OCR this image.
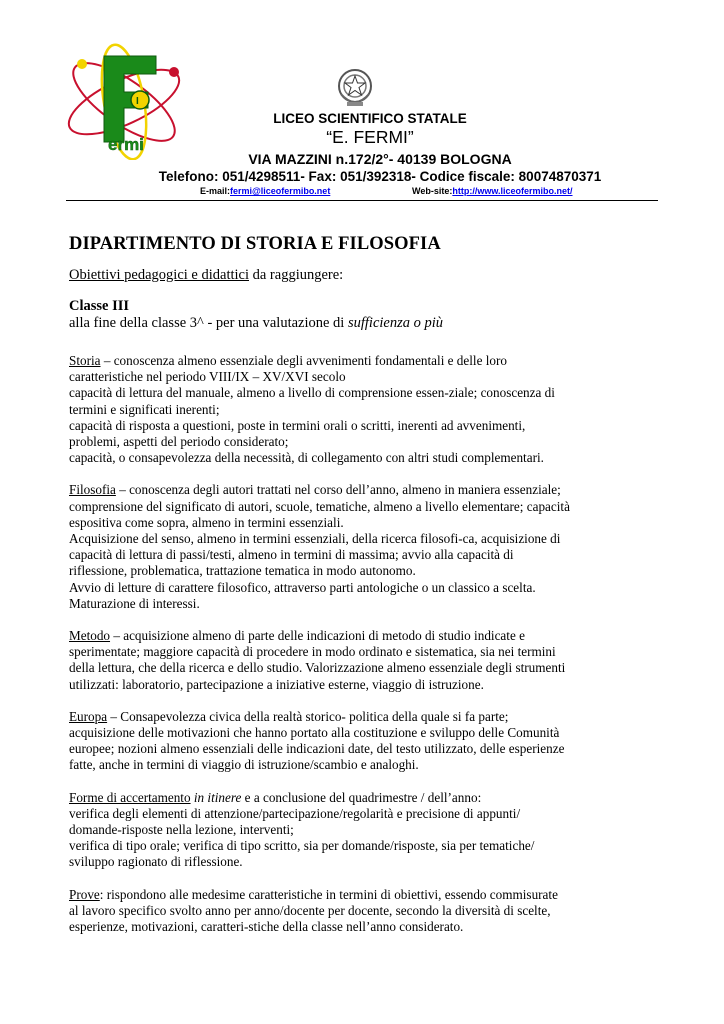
I
ermi
LICEO SCIENTIFICO STATALE
“E. FERMI”
VIA MAZZINI n.172/2°- 40139 BOLOGNA
Telefono: 051/4298511- Fax: 051/392318- Codice fiscale: 80074870371
E-mail:fermi@liceofermibo.net	Web-site:http://www.liceofermibo.net/
DIPARTIMENTO DI STORIA E FILOSOFIA
Obiettivi pedagogici e didattici da raggiungere:
Classe III
alla fine della classe 3^ - per una valutazione di sufficienza o più

Storia – conoscenza almeno essenziale degli avvenimenti fondamentali e delle loro
caratteristiche nel periodo VIII/IX – XV/XVI secolo
capacità di lettura del manuale, almeno a livello di comprensione essen-ziale; conoscenza di
termini e significati inerenti;
capacità di risposta a questioni, poste in termini orali o scritti, inerenti ad avvenimenti,
problemi, aspetti del periodo considerato;
capacità, o consapevolezza della necessità, di collegamento con altri studi complementari.

Filosofia – conoscenza degli autori trattati nel corso dell’anno, almeno in maniera essenziale;
comprensione del significato di autori, scuole, tematiche, almeno a livello elementare; capacità
espositiva come sopra, almeno in termini essenziali.
Acquisizione del senso, almeno in termini essenziali, della ricerca filosofi-ca, acquisizione di
capacità di lettura di passi/testi, almeno in termini di massima; avvio alla capacità di
riflessione, problematica, trattazione tematica in modo autonomo.
Avvio di letture di carattere filosofico, attraverso parti antologiche o un classico a scelta.
Maturazione di interessi.

Metodo – acquisizione almeno di parte delle indicazioni di metodo di studio indicate e
sperimentate; maggiore capacità di procedere in modo ordinato e sistematica, sia nei termini
della lettura, che della ricerca e dello studio. Valorizzazione almeno essenziale degli strumenti
utilizzati: laboratorio, partecipazione a iniziative esterne, viaggio di istruzione.

Europa – Consapevolezza civica della realtà storico- politica della quale si fa parte;
acquisizione delle motivazioni che hanno portato alla costituzione e sviluppo delle Comunità
europee; nozioni almeno essenziali delle indicazioni date, del testo utilizzato, delle esperienze
fatte, anche in termini di viaggio di istruzione/scambio e analoghi.

Forme di accertamento in itinere e a conclusione del quadrimestre / dell’anno:
verifica degli elementi di attenzione/partecipazione/regolarità e precisione di appunti/
domande-risposte nella lezione, interventi;
verifica di tipo orale; verifica di tipo scritto, sia per domande/risposte, sia per tematiche/
sviluppo ragionato di riflessione.

Prove: rispondono alle medesime caratteristiche in termini di obiettivi, essendo commisurate
al lavoro specifico svolto anno per anno/docente per docente, secondo la diversità di scelte,
esperienze, motivazioni, caratteri-stiche della classe nell’anno considerato.
